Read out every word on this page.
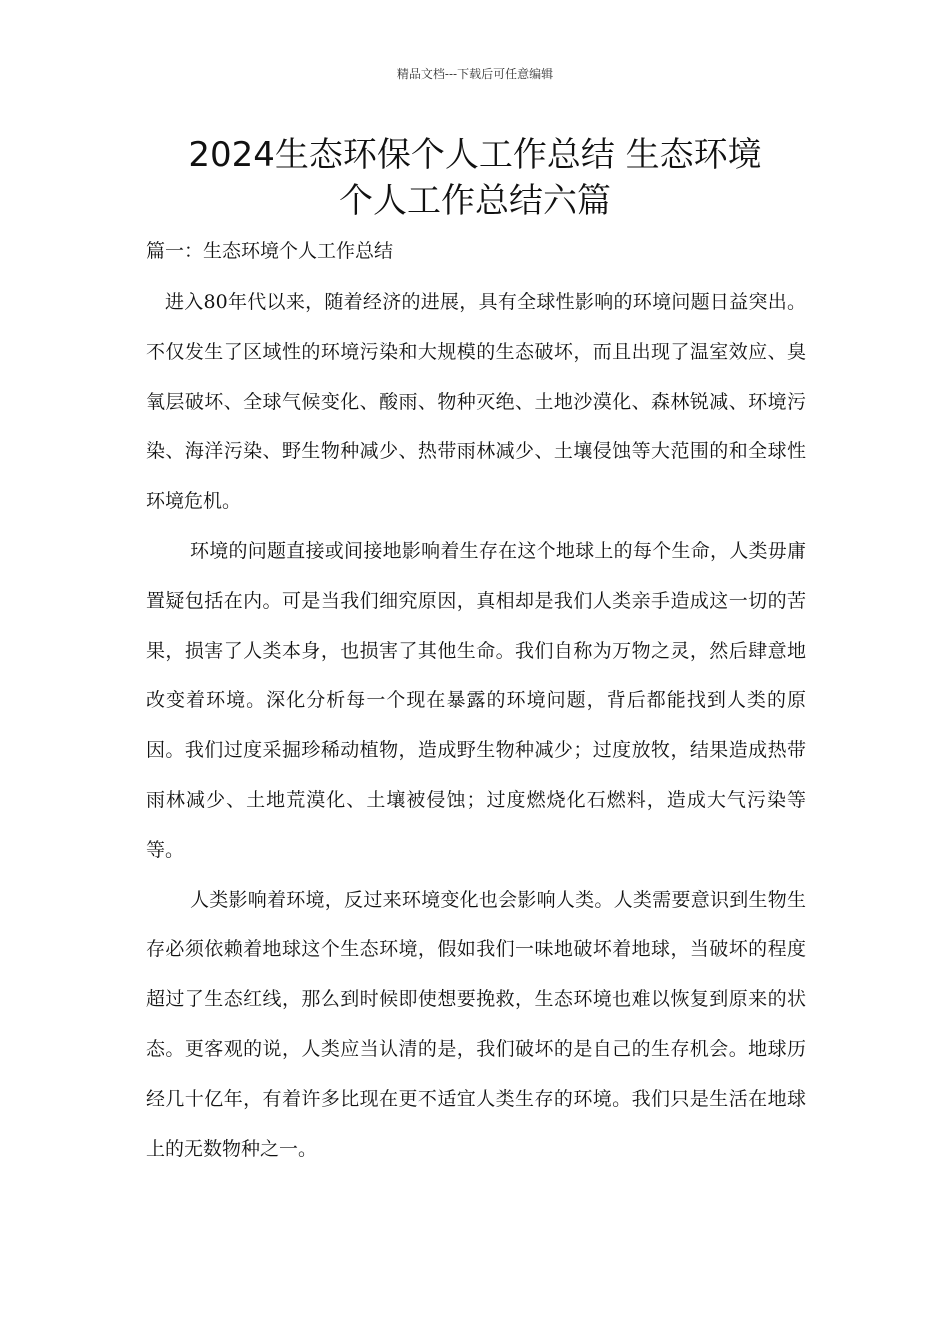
精品文档---下载后可任意编辑
2024生态环保个人工作总结 生态环境
个人工作总结六篇
篇一：生态环境个人工作总结

进入80年代以来，随着经济的进展，具有全球性影响的环境问题日益突出。不仅发生了区域性的环境污染和大规模的生态破坏，而且出现了温室效应、臭氧层破坏、全球气候变化、酸雨、物种灭绝、土地沙漠化、森林锐减、环境污染、海洋污染、野生物种减少、热带雨林减少、土壤侵蚀等大范围的和全球性环境危机。

环境的问题直接或间接地影响着生存在这个地球上的每个生命，人类毋庸置疑包括在内。可是当我们细究原因，真相却是我们人类亲手造成这一切的苦果，损害了人类本身，也损害了其他生命。我们自称为万物之灵，然后肆意地改变着环境。深化分析每一个现在暴露的环境问题，背后都能找到人类的原因。我们过度采掘珍稀动植物，造成野生物种减少；过度放牧，结果造成热带雨林减少、土地荒漠化、土壤被侵蚀；过度燃烧化石燃料，造成大气污染等等。

人类影响着环境，反过来环境变化也会影响人类。人类需要意识到生物生存必须依赖着地球这个生态环境，假如我们一味地破坏着地球，当破坏的程度超过了生态红线，那么到时候即使想要挽救，生态环境也难以恢复到原来的状态。更客观的说，人类应当认清的是，我们破坏的是自己的生存机会。地球历经几十亿年，有着许多比现在更不适宜人类生存的环境。我们只是生活在地球上的无数物种之一。
